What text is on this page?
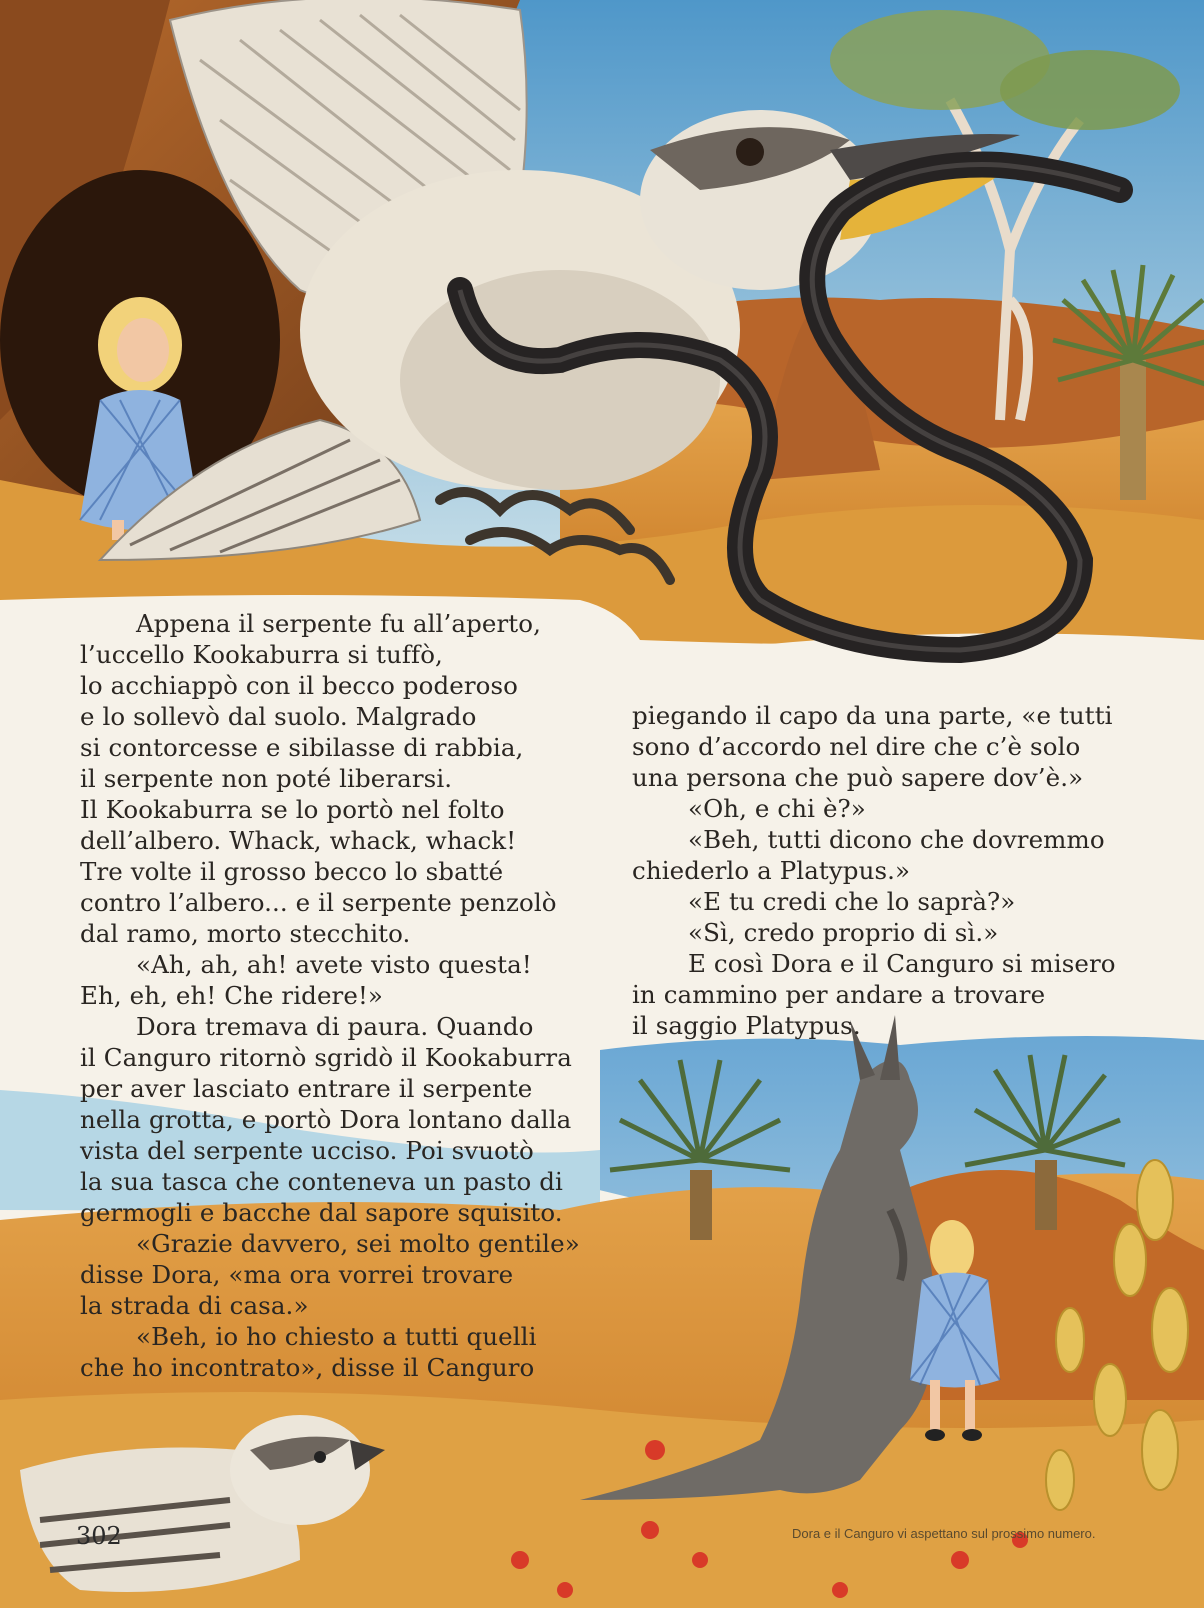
Appena il serpente fu all’aperto,
l’uccello Kookaburra si tuffò,
lo acchiappò con il becco poderoso
e lo sollevò dal suolo. Malgrado
si contorcesse e sibilasse di rabbia,
il serpente non poté liberarsi.
Il Kookaburra se lo portò nel folto
dell’albero. Whack, whack, whack!
Tre volte il grosso becco lo sbatté
contro l’albero... e il serpente penzolò
dal ramo, morto stecchito.
«Ah, ah, ah! avete visto questa!
Eh, eh, eh! Che ridere!»
Dora tremava di paura. Quando
il Canguro ritornò sgridò il Kookaburra
per aver lasciato entrare il serpente
nella grotta, e portò Dora lontano dalla
vista del serpente ucciso. Poi svuotò
la sua tasca che conteneva un pasto di
germogli e bacche dal sapore squisito.
«Grazie davvero, sei molto gentile»
disse Dora, «ma ora vorrei trovare
la strada di casa.»
«Beh, io ho chiesto a tutti quelli
che ho incontrato», disse il Canguro
piegando il capo da una parte, «e tutti
sono d’accordo nel dire che c’è solo
una persona che può sapere dov’è.»
«Oh, e chi è?»
«Beh, tutti dicono che dovremmo
chiederlo a Platypus.»
«E tu credi che lo saprà?»
«Sì, credo proprio di sì.»
E così Dora e il Canguro si misero
in cammino per andare a trovare
il saggio Platypus.
302	Dora e il Canguro vi aspettano sul prossimo numero.
